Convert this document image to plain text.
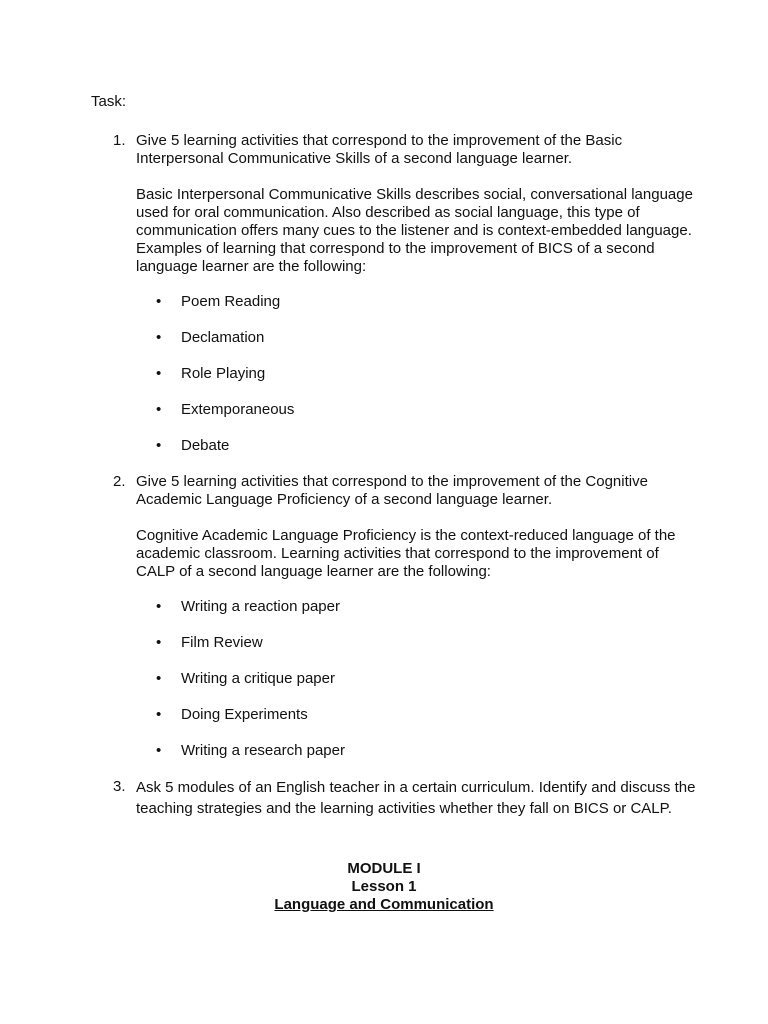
Task:
1. Give 5 learning activities that correspond to the improvement of the Basic Interpersonal Communicative Skills of a second language learner.
Basic Interpersonal Communicative Skills describes social, conversational language used for oral communication. Also described as social language, this type of communication offers many cues to the listener and is context-embedded language. Examples of learning that correspond to the improvement of BICS of a second language learner are the following:
•	Poem Reading
•	Declamation
•	Role Playing
•	Extemporaneous
•	Debate
2. Give 5 learning activities that correspond to the improvement of the Cognitive Academic Language Proficiency of a second language learner.
Cognitive Academic Language Proficiency is the context-reduced language of the academic classroom. Learning activities that correspond to the improvement of CALP of a second language learner are the following:
•	Writing a reaction paper
•	Film Review
•	Writing a critique paper
•	Doing Experiments
•	Writing a research paper
3. Ask 5 modules of an English teacher in a certain curriculum. Identify and discuss the teaching strategies and the learning activities whether they fall on BICS or CALP.
MODULE I
Lesson 1
Language and Communication
